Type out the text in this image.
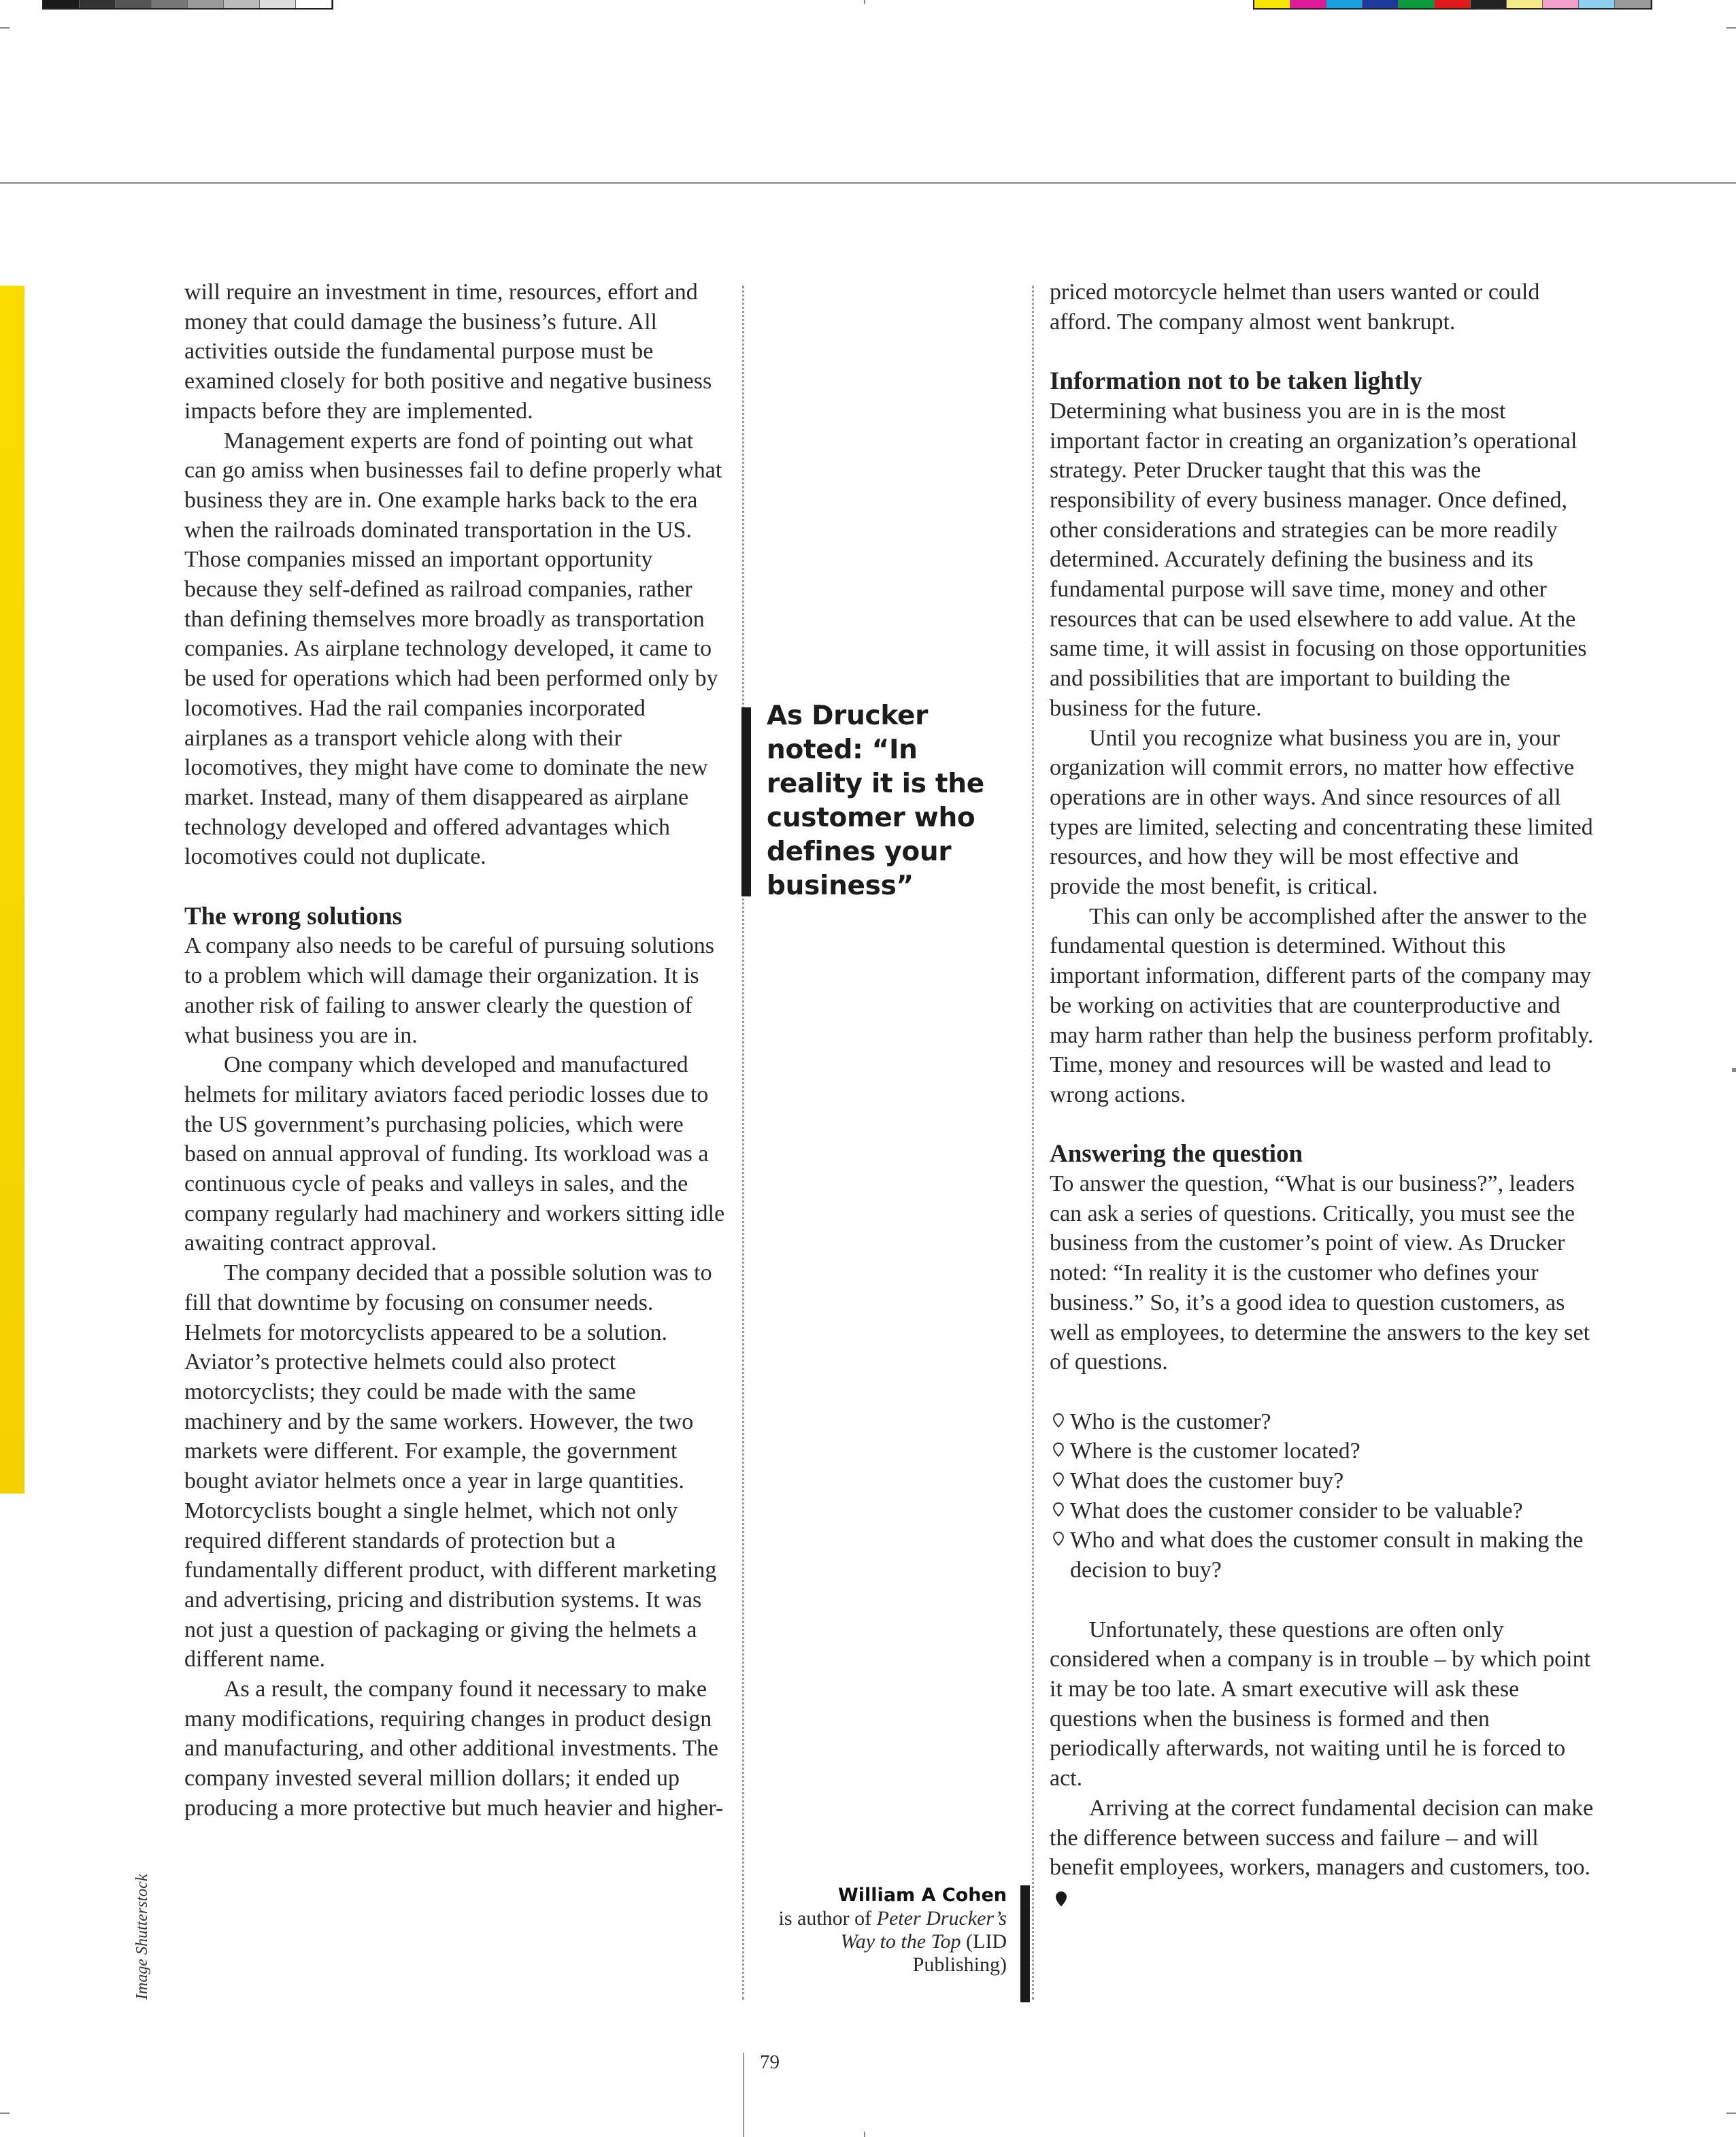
will require an investment in time, resources, effort and money that could damage the business’s future. All activities outside the fundamental purpose must be examined closely for both positive and negative business impacts before they are implemented.

Management experts are fond of pointing out what can go amiss when businesses fail to define properly what business they are in. One example harks back to the era when the railroads dominated transportation in the US. Those companies missed an important opportunity because they self-defined as railroad companies, rather than defining themselves more broadly as transportation companies. As airplane technology developed, it came to be used for operations which had been performed only by locomotives. Had the rail companies incorporated airplanes as a transport vehicle along with their locomotives, they might have come to dominate the new market. Instead, many of them disappeared as airplane technology developed and offered advantages which locomotives could not duplicate.

The wrong solutions

A company also needs to be careful of pursuing solutions to a problem which will damage their organization. It is another risk of failing to answer clearly the question of what business you are in.

One company which developed and manufactured helmets for military aviators faced periodic losses due to the US government’s purchasing policies, which were based on annual approval of funding. Its workload was a continuous cycle of peaks and valleys in sales, and the company regularly had machinery and workers sitting idle awaiting contract approval.

The company decided that a possible solution was to fill that downtime by focusing on consumer needs. Helmets for motorcyclists appeared to be a solution. Aviator’s protective helmets could also protect motorcyclists; they could be made with the same machinery and by the same workers. However, the two markets were different. For example, the government bought aviator helmets once a year in large quantities. Motorcyclists bought a single helmet, which not only required different standards of protection but a fundamentally different product, with different marketing and advertising, pricing and distribution systems. It was not just a question of packaging or giving the helmets a different name.

As a result, the company found it necessary to make many modifications, requiring changes in product design and manufacturing, and other additional investments. The company invested several million dollars; it ended up producing a more protective but much heavier and higher-

As Drucker noted: “In reality it is the customer who defines your business”
William A Cohen
is author of Peter Drucker’s Way to the Top (LID Publishing)

priced motorcycle helmet than users wanted or could afford. The company almost went bankrupt.

Information not to be taken lightly

Determining what business you are in is the most important factor in creating an organization’s operational strategy. Peter Drucker taught that this was the responsibility of every business manager. Once defined, other considerations and strategies can be more readily determined. Accurately defining the business and its fundamental purpose will save time, money and other resources that can be used elsewhere to add value. At the same time, it will assist in focusing on those opportunities and possibilities that are important to building the business for the future.

Until you recognize what business you are in, your organization will commit errors, no matter how effective operations are in other ways. And since resources of all types are limited, selecting and concentrating these limited resources, and how they will be most effective and provide the most benefit, is critical.

This can only be accomplished after the answer to the fundamental question is determined. Without this important information, different parts of the company may be working on activities that are counterproductive and may harm rather than help the business perform profitably.

Time, money and resources will be wasted and lead to wrong actions.

Answering the question

To answer the question, “What is our business?”, leaders can ask a series of questions. Critically, you must see the business from the customer’s point of view. As Drucker noted: “In reality it is the customer who defines your business.” So, it’s a good idea to question customers, as well as employees, to determine the answers to the key set of questions.

Who is the customer?
Where is the customer located?
What does the customer buy?
What does the customer consider to be valuable?
Who and what does the customer consult in making the decision to buy?

Unfortunately, these questions are often only considered when a company is in trouble – by which point it may be too late. A smart executive will ask these questions when the business is formed and then periodically afterwards, not waiting until he is forced to act.

Arriving at the correct fundamental decision can make the difference between success and failure – and will benefit employees, workers, managers and customers, too.

Image Shutterstock
79
